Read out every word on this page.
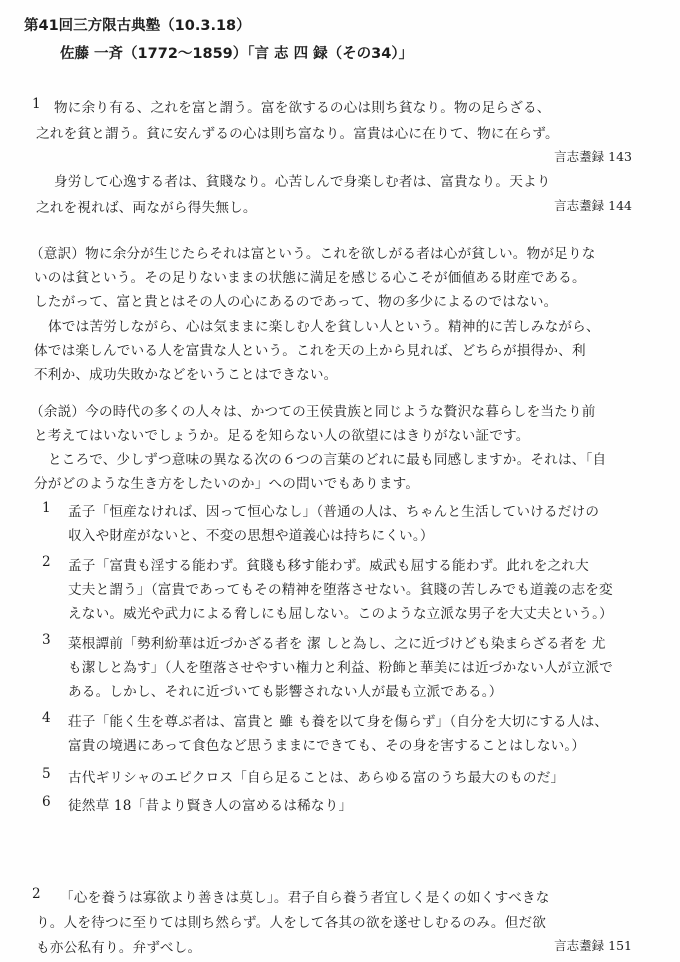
第41回三方限古典塾（10.3.18）
佐藤 一斉（1772～1859）「言 志 四 録（その34）」
1 物に余り有る、之れを富と謂う。富を欲するの心は則ち貧なり。物の足らざる、
之れを貧と謂う。貧に安んずるの心は則ち富なり。富貴は心に在りて、物に在らず。
言志耋録 143
身労して心逸する者は、貧賤なり。心苦しんで身楽しむ者は、富貴なり。天より
之れを視れば、両ながら得失無し。	言志耋録 144
（意訳）物に余分が生じたらそれは富という。これを欲しがる者は心が貧しい。物が足りな
いのは貧という。その足りないままの状態に満足を感じる心こそが価値ある財産である。
したがって、富と貴とはその人の心にあるのであって、物の多少によるのではない。
体では苦労しながら、心は気ままに楽しむ人を貧しい人という。精神的に苦しみながら、
体では楽しんでいる人を富貴な人という。これを天の上から見れば、どちらが損得か、利
不利か、成功失敗かなどをいうことはできない。
（余説）今の時代の多くの人々は、かつての王侯貴族と同じような贅沢な暮らしを当たり前
と考えてはいないでしょうか。足るを知らない人の欲望にはきりがない証です。
ところで、少しずつ意味の異なる次の６つの言葉のどれに最も同感しますか。それは、「自
分がどのような生き方をしたいのか」への問いでもあります。
1 孟子「恒産なければ、因って恒心なし」（普通の人は、ちゃんと生活していけるだけの
収入や財産がないと、不変の思想や道義心は持ちにくい。）
2 孟子「富貴も淫する能わず。貧賤も移す能わず。威武も屈する能わず。此れを之れ大
丈夫と謂う」（富貴であってもその精神を堕落させない。貧賤の苦しみでも道義の志を変
えない。威光や武力による脅しにも屈しない。このような立派な男子を大丈夫という。）
3 菜根譚前「勢利紛華は近づかざる者を 潔 しと為し、之に近づけども染まらざる者を 尤
も潔しと為す」（人を堕落させやすい権力と利益、粉飾と華美には近づかない人が立派で
ある。しかし、それに近づいても影響されない人が最も立派である。）
4 荘子「能く生を尊ぶ者は、富貴と 雖 も養を以て身を傷らず」（自分を大切にする人は、
富貴の境遇にあって食色など思うままにできても、その身を害することはしない。）
5 古代ギリシャのエピクロス「自ら足ることは、あらゆる富のうち最大のものだ」
6 徒然草 18「昔より賢き人の富めるは稀なり」
2 「心を養うは寡欲より善きは莫し」。君子自ら養う者宜しく是くの如くすべきな
り。人を待つに至りては則ち然らず。人をして各其の欲を遂せしむるのみ。但だ欲
も亦公私有り。弁ずべし。	言志耋録 151
